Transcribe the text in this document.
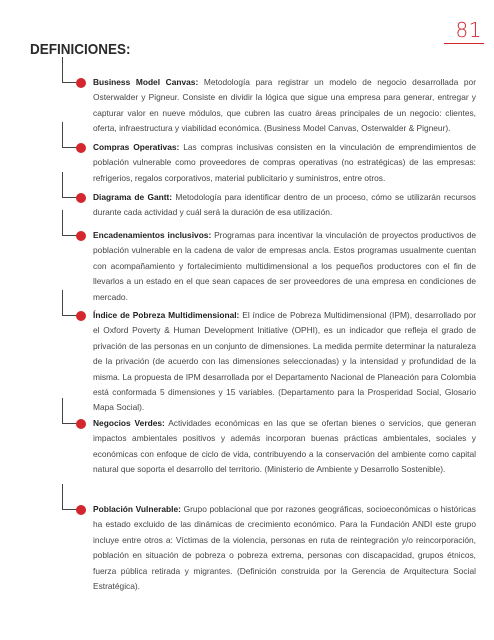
81
DEFINICIONES:

Business Model Canvas: Metodología para registrar un modelo de negocio desarrollada por Osterwalder y Pigneur. Consiste en dividir la lógica que sigue una empresa para generar, entregar y capturar valor en nueve módulos, que cubren las cuatro áreas principales de un negocio: clientes, oferta, infraestructura y viabilidad económica. (Business Model Canvas, Osterwalder & Pigneur).

Compras Operativas: Las compras inclusivas consisten en la vinculación de emprendimientos de población vulnerable como proveedores de compras operativas (no estratégicas) de las empresas: refrigerios, regalos corporativos, material publicitario y suministros, entre otros.

Diagrama de Gantt: Metodología para identificar dentro de un proceso, cómo se utilizarán recursos durante cada actividad y cuál será la duración de esa utilización.

Encadenamientos inclusivos: Programas para incentivar la vinculación de proyectos productivos de población vulnerable en la cadena de valor de empresas ancla. Estos programas usualmente cuentan con acompañamiento y fortalecimiento multidimensional a los pequeños productores con el fin de llevarlos a un estado en el que sean capaces de ser proveedores de una empresa en condiciones de mercado.

Índice de Pobreza Multidimensional: El índice de Pobreza Multidimensional (IPM), desarrollado por el Oxford Poverty & Human Development Initiative (OPHI), es un indicador que refleja el grado de privación de las personas en un conjunto de dimensiones. La medida permite determinar la naturaleza de la privación (de acuerdo con las dimensiones seleccionadas) y la intensidad y profundidad de la misma. La propuesta de IPM desarrollada por el Departamento Nacional de Planeación para Colombia está conformada 5 dimensiones y 15 variables. (Departamento para la Prosperidad Social, Glosario Mapa Social).

Negocios Verdes: Actividades económicas en las que se ofertan bienes o servicios, que generan impactos ambientales positivos y además incorporan buenas prácticas ambientales, sociales y económicas con enfoque de ciclo de vida, contribuyendo a la conservación del ambiente como capital natural que soporta el desarrollo del territorio. (Ministerio de Ambiente y Desarrollo Sostenible).

Población Vulnerable: Grupo poblacional que por razones geográficas, socioeconómicas o históricas ha estado excluido de las dinámicas de crecimiento económico. Para la Fundación ANDI este grupo incluye entre otros a: Víctimas de la violencia, personas en ruta de reintegración y/o reincorporación, población en situación de pobreza o pobreza extrema, personas con discapacidad, grupos étnicos, fuerza pública retirada y migrantes. (Definición construida por la Gerencia de Arquitectura Social Estratégica).
